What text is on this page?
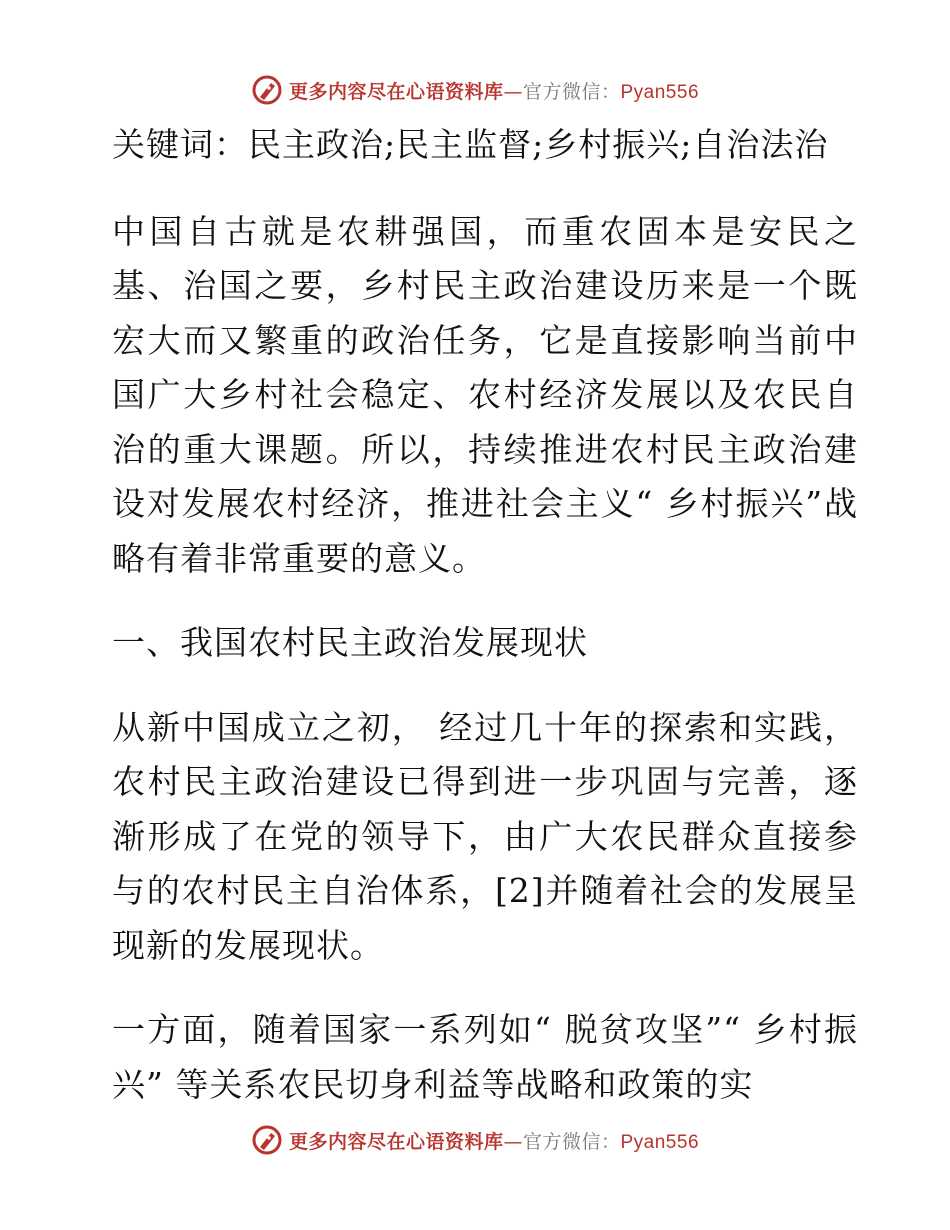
更多内容尽在心语资料库—官方微信：Pyan556

关键词：民主政治;民主监督;乡村振兴;自治法治

中国自古就是农耕强国，而重农固本是安民之基、治国之要，乡村民主政治建设历来是一个既宏大而又繁重的政治任务，它是直接影响当前中国广大乡村社会稳定、农村经济发展以及农民自治的重大课题。所以，持续推进农村民主政治建设对发展农村经济，推进社会主义“ 乡村振兴”战略有着非常重要的意义。

一、我国农村民主政治发展现状

从新中国成立之初， 经过几十年的探索和实践，农村民主政治建设已得到进一步巩固与完善，逐渐形成了在党的领导下，由广大农民群众直接参与的农村民主自治体系，[2]并随着社会的发展呈现新的发展现状。

一方面，随着国家一系列如“ 脱贫攻坚”“ 乡村振兴” 等关系农民切身利益等战略和政策的实

更多内容尽在心语资料库—官方微信：Pyan556
